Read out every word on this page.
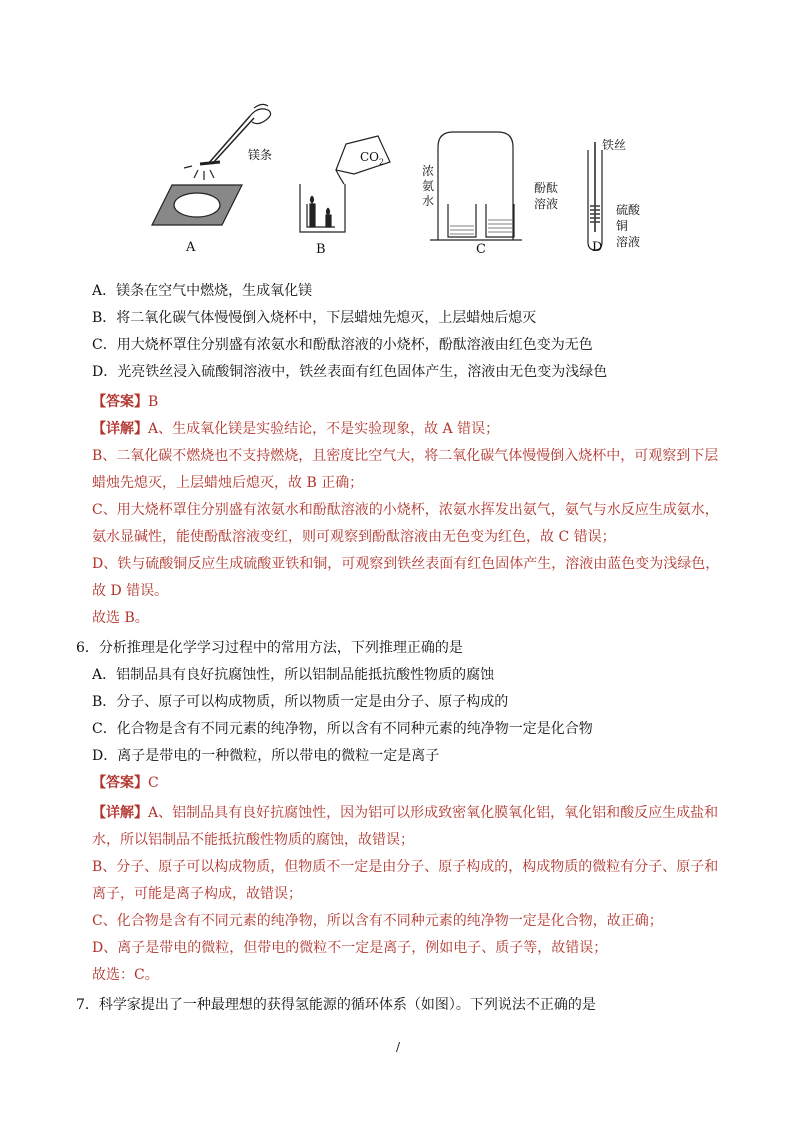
A	B	C	D
镁条	$CO_2$
浓
氨
水
酚酞
溶液
铁丝
硫酸铜
溶液
A．镁条在空气中燃烧，生成氧化镁
B．将二氧化碳气体慢慢倒入烧杯中，下层蜡烛先熄灭，上层蜡烛后熄灭
C．用大烧杯罩住分别盛有浓氨水和酚酞溶液的小烧杯，酚酞溶液由红色变为无色
D．光亮铁丝浸入硫酸铜溶液中，铁丝表面有红色固体产生，溶液由无色变为浅绿色
【答案】B
【详解】A、生成氧化镁是实验结论，不是实验现象，故 A 错误；
B、二氧化碳不燃烧也不支持燃烧，且密度比空气大，将二氧化碳气体慢慢倒入烧杯中，可观察到下层
蜡烛先熄灭，上层蜡烛后熄灭，故 B 正确；
C、用大烧杯罩住分别盛有浓氨水和酚酞溶液的小烧杯，浓氨水挥发出氨气，氨气与水反应生成氨水，
氨水显碱性，能使酚酞溶液变红，则可观察到酚酞溶液由无色变为红色，故 C 错误；
D、铁与硫酸铜反应生成硫酸亚铁和铜，可观察到铁丝表面有红色固体产生，溶液由蓝色变为浅绿色，
故 D 错误。
故选 B。
6．分析推理是化学学习过程中的常用方法，下列推理正确的是
A．铝制品具有良好抗腐蚀性，所以铝制品能抵抗酸性物质的腐蚀
B．分子、原子可以构成物质，所以物质一定是由分子、原子构成的
C．化合物是含有不同元素的纯净物，所以含有不同种元素的纯净物一定是化合物
D．离子是带电的一种微粒，所以带电的微粒一定是离子
【答案】C
【详解】A、铝制品具有良好抗腐蚀性，因为铝可以形成致密氧化膜氧化铝，氧化铝和酸反应生成盐和
水，所以铝制品不能抵抗酸性物质的腐蚀，故错误；
B、分子、原子可以构成物质，但物质不一定是由分子、原子构成的，构成物质的微粒有分子、原子和
离子，可能是离子构成，故错误；
C、化合物是含有不同元素的纯净物，所以含有不同种元素的纯净物一定是化合物，故正确；
D、离子是带电的微粒，但带电的微粒不一定是离子，例如电子、质子等，故错误；
故选：C。
7．科学家提出了一种最理想的获得氢能源的循环体系（如图）。下列说法不正确的是
/
